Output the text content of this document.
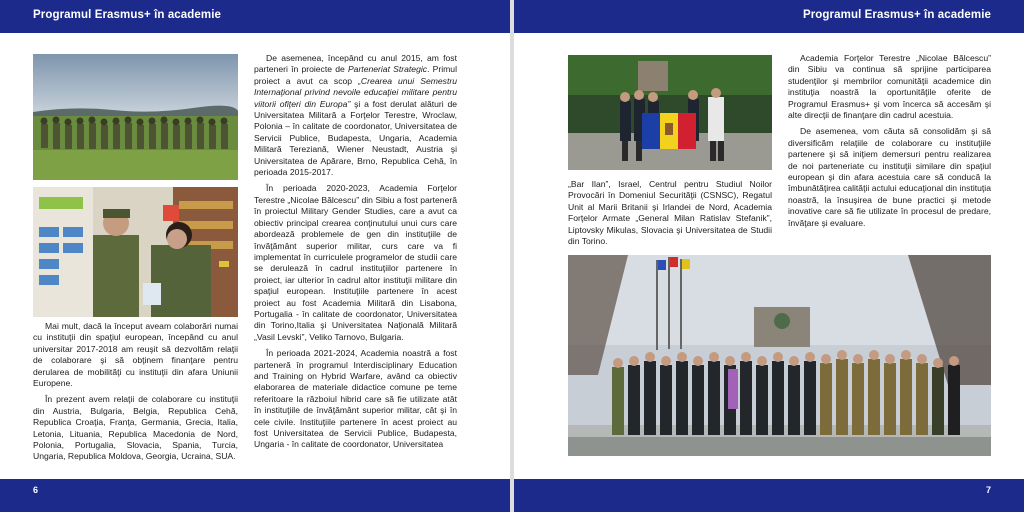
Programul Erasmus+ în academie

Mai mult, dacă la început aveam colaborări numai cu instituţii din spaţiul european, începând cu anul universitar 2017-2018 am reuşit să dezvoltăm relaţii de colaborare şi să obţinem finanţare pentru derularea de mobilităţi cu instituţii din afara Uniunii Europene.

În prezent avem relaţii de colaborare cu instituţii din Austria, Bulgaria, Belgia, Republica Cehă, Republica Croaţia, Franţa, Germania, Grecia, Italia, Letonia, Lituania, Republica Macedonia de Nord, Polonia, Portugalia, Slovacia, Spania, Turcia, Ungaria, Republica Moldova, Georgia, Ucraina, SUA.

De asemenea, începând cu anul 2015, am fost parteneri în proiecte de Parteneriat Strategic. Primul proiect a avut ca scop „Crearea unui Semestru Internaţional privind nevoile educaţiei militare pentru viitorii ofiţeri din Europa” şi a fost derulat alături de Universitatea Militară a Forţelor Terestre, Wroclaw, Polonia – în calitate de coordonator, Universitatea de Servicii Publice, Budapesta, Ungaria, Academia Militară Tereziană, Wiener Neustadt, Austria şi Universitatea de Apărare, Brno, Republica Cehă, în perioada 2015-2017.

În perioada 2020-2023, Academia Forţelor Terestre „Nicolae Bălcescu” din Sibiu a fost parteneră în proiectul Military Gender Studies, care a avut ca obiectiv principal crearea conţinutului unui curs care abordează problemele de gen din instituţiile de învăţământ superior militar, curs care va fi implementat în curriculele programelor de studii care se derulează în cadrul instituţiilor partenere în proiect, iar ulterior în cadrul altor instituţii militare din spaţiul european. Instituţiile partenere în acest proiect au fost Academia Militară din Lisabona, Portugalia - în calitate de coordonator, Universitatea din Torino,Italia şi Universitatea Naţională Militară „Vasil Levski”, Veliko Tarnovo, Bulgaria.

În perioada 2021-2024, Academia noastră a fost parteneră în programul Interdisciplinary Education and Training on Hybrid Warfare, având ca obiectiv elaborarea de materiale didactice comune pe teme referitoare la războiul hibrid care să fie utilizate atât în instituţiile de învăţământ superior militar, cât şi în cele civile. Instituţiile partenere în acest proiect au fost Universitatea de Servicii Publice, Budapesta, Ungaria - în calitate de coordonator, Universitatea

6
Programul Erasmus+ în academie

„Bar Ilan”, Israel, Centrul pentru Studiul Noilor Provocări în Domeniul Securităţii (CSNSC), Regatul Unit al Marii Britanii şi Irlandei de Nord, Academia Forţelor Armate „General Milan Ratislav Stefanik”, Liptovsky Mikulas, Slovacia şi Universitatea de Studii din Torino.

Academia Forţelor Terestre „Nicolae Bălcescu” din Sibiu va continua să sprijine participarea studenţilor şi membrilor comunităţii academice din instituţia noastră la oportunităţile oferite de Programul Erasmus+ şi vom încerca să accesăm şi alte direcţii de finanţare din cadrul acestuia.

De asemenea, vom căuta să consolidăm şi să diversificăm relaţiile de colaborare cu instituţiile partenere şi să iniţiem demersuri pentru realizarea de noi parteneriate cu instituţii similare din spaţiul european şi din afara acestuia care să conducă la îmbunătăţirea calităţii actului educaţional din instituţia noastră, la însuşirea de bune practici şi metode inovative care să fie utilizate în procesul de predare, învăţare şi evaluare.

7
